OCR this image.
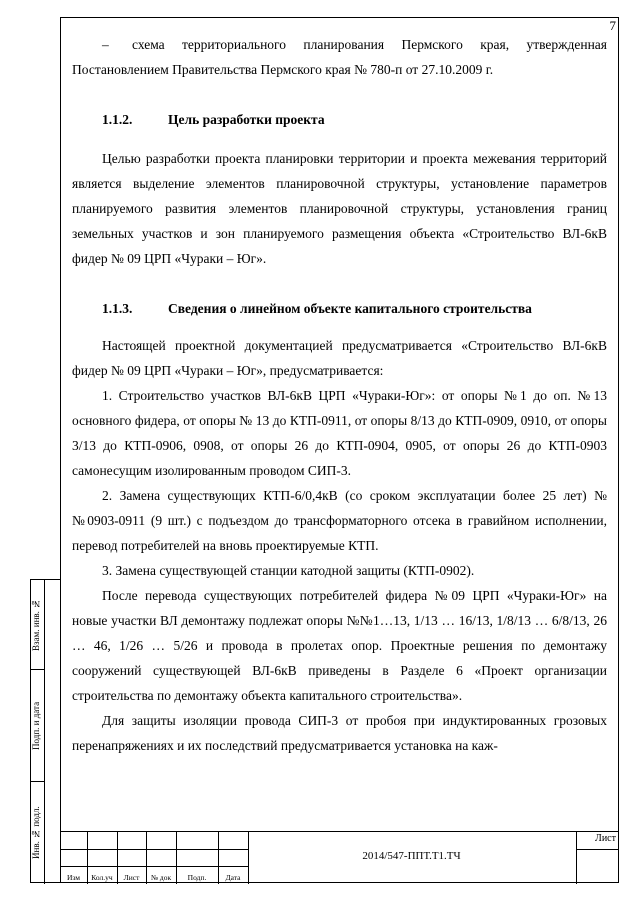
7

– схема территориального планирования Пермского края, утвержденная Постановлением Правительства Пермского края № 780-п от 27.10.2009 г.

1.1.2.	Цель разработки проекта

Целью разработки проекта планировки территории и проекта межевания территорий является выделение элементов планировочной структуры, установление параметров планируемого развития элементов планировочной структуры, установления границ земельных участков и зон планируемого размещения объекта «Строительство ВЛ-6кВ фидер № 09 ЦРП «Чураки – Юг».

1.1.3.	Сведения о линейном объекте капитального строительства

Настоящей проектной документацией предусматривается «Строительство ВЛ-6кВ фидер № 09 ЦРП «Чураки – Юг», предусматривается:

1. Строительство участков ВЛ-6кВ ЦРП «Чураки-Юг»: от опоры №1 до оп. №13 основного фидера, от опоры № 13 до КТП-0911, от опоры 8/13 до КТП-0909, 0910, от опоры 3/13 до КТП-0906, 0908, от опоры 26 до КТП-0904, 0905, от опоры 26 до КТП-0903 самонесущим изолированным проводом СИП-3.

2. Замена существующих КТП-6/0,4кВ (со сроком эксплуатации более 25 лет) №№0903-0911 (9 шт.) с подъездом до трансформаторного отсека в гравийном исполнении, перевод потребителей на вновь проектируемые КТП.

3. Замена существующей станции катодной защиты (КТП-0902).

После перевода существующих потребителей фидера №09 ЦРП «Чураки-Юг» на новые участки ВЛ демонтажу подлежат опоры №№1…13, 1/13 … 16/13, 1/8/13 … 6/8/13, 26 … 46, 1/26 … 5/26 и провода в пролетах опор. Проектные решения по демонтажу сооружений существующей ВЛ-6кВ приведены в Разделе 6 «Проект организации строительства по демонтажу объекта капитального строительства».

Для защиты изоляции провода СИП-3 от пробоя при индуктированных грозовых перенапряжениях и их последствий предусматривается установка на каж-

Взам. инв. №
Подп. и дата
Инв. № подл.
Изм	Кол.уч	Лист	№ док	Подп.	Дата
2014/547-ППТ.Т1.ТЧ
Лист
